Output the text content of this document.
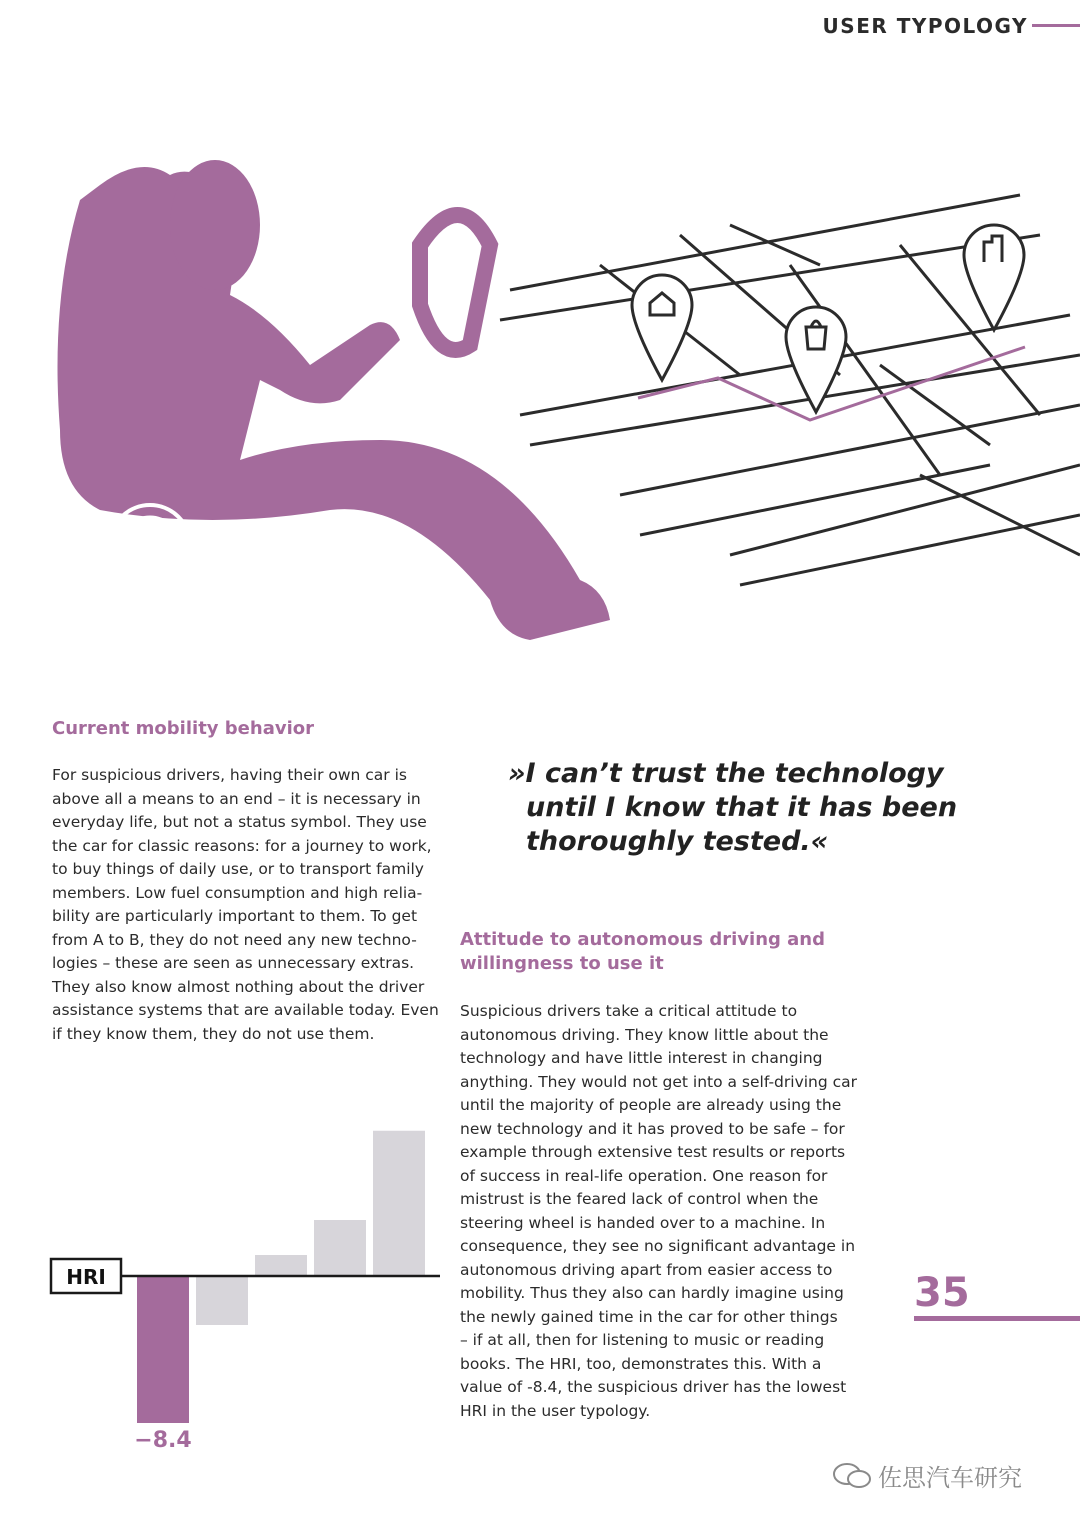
USER TYPOLOGY
Current mobility behavior
For suspicious drivers, having their own car is
above all a means to an end – it is necessary in
everyday life, but not a status symbol. They use
the car for classic reasons: for a journey to work,
to buy things of daily use, or to transport family
members. Low fuel consumption and high relia-
bility are particularly important to them. To get
from A to B, they do not need any new techno-
logies – these are seen as unnecessary extras.
They also know almost nothing about the driver
assistance systems that are available today. Even
if they know them, they do not use them.
»I can’t trust the technology
until I know that it has been
thoroughly tested.«
Attitude to autonomous driving and
willingness to use it
Suspicious drivers take a critical attitude to
autonomous driving. They know little about the
technology and have little interest in changing
anything. They would not get into a self-driving car
until the majority of people are already using the
new technology and it has proved to be safe – for
example through extensive test results or reports
of success in real-life operation. One reason for
mistrust is the feared lack of control when the
steering wheel is handed over to a machine. In
consequence, they see no significant advantage in
autonomous driving apart from easier access to
mobility. Thus they also can hardly imagine using
the newly gained time in the car for other things
– if at all, then for listening to music or reading
books. The HRI, too, demonstrates this. With a
value of -8.4, the suspicious driver has the lowest
HRI in the user typology.
HRI
−8.4
35
佐思汽车研究
